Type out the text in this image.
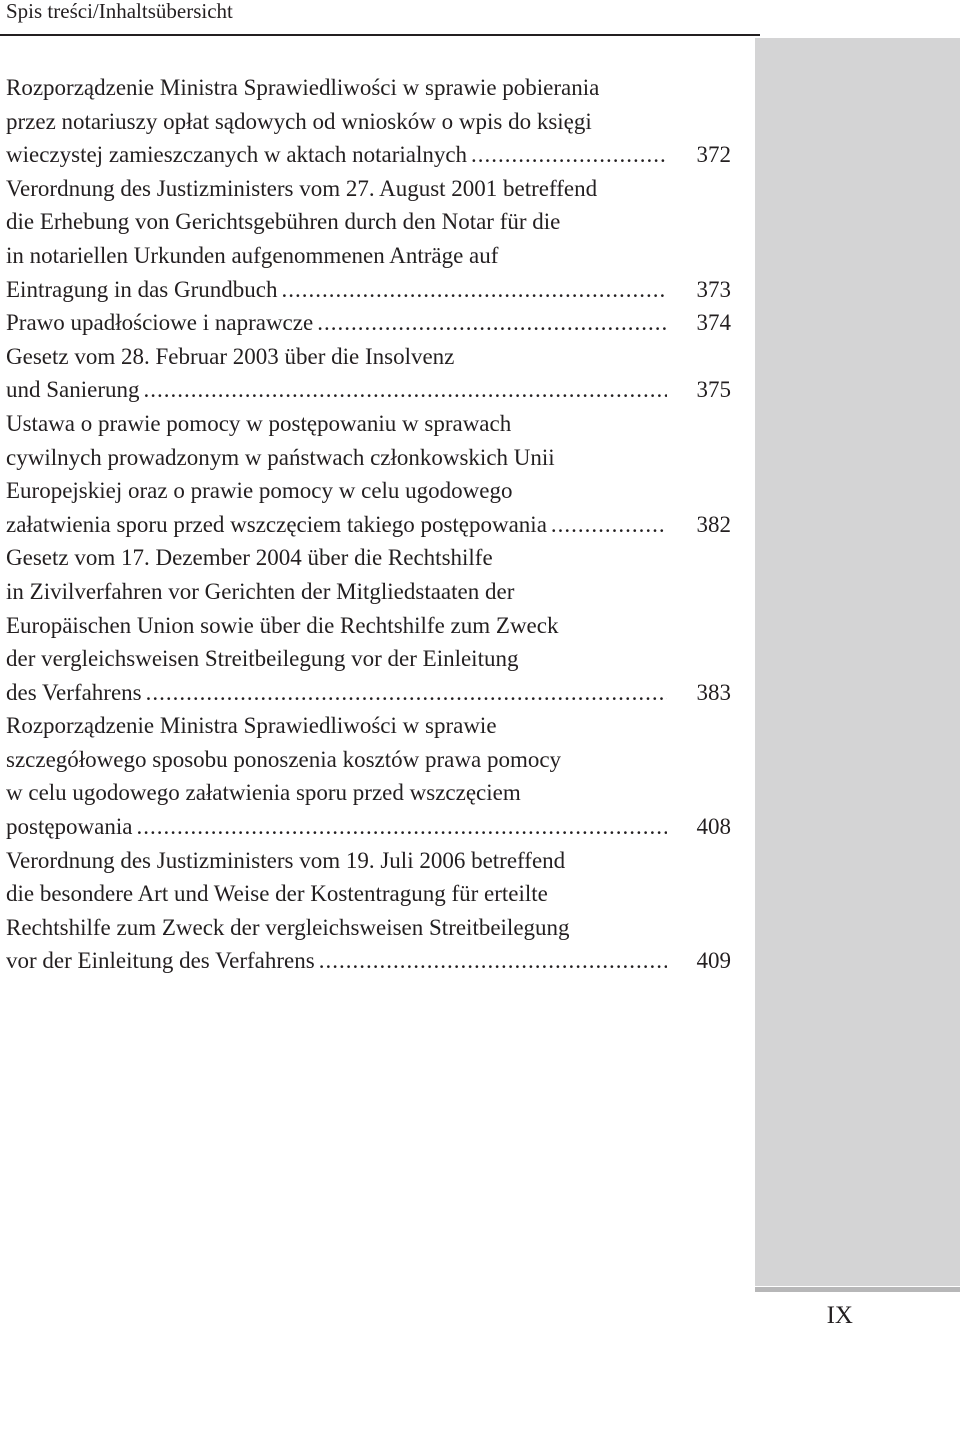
Spis treści/Inhaltsübersicht
IX
Rozporządzenie Ministra Sprawiedliwości w sprawie pobierania
przez notariuszy opłat sądowych od wniosków o wpis do księgi
wieczystej zamieszczanych w aktach notarialnych .....	372
Verordnung des Justizministers vom 27. August 2001 betreffend
die Erhebung von Gerichtsgebühren durch den Notar für die
in notariellen Urkunden aufgenommenen Anträge auf
Eintragung in das Grundbuch .....	373
Prawo upadłościowe i naprawcze .....	374
Gesetz vom 28. Februar 2003 über die Insolvenz
und Sanierung .....	375
Ustawa o prawie pomocy w postępowaniu w sprawach
cywilnych prowadzonym w państwach członkowskich Unii
Europejskiej oraz o prawie pomocy w celu ugodowego
załatwienia sporu przed wszczęciem takiego postępowania .....	382
Gesetz vom 17. Dezember 2004 über die Rechtshilfe
in Zivilverfahren vor Gerichten der Mitgliedstaaten der
Europäischen Union sowie über die Rechtshilfe zum Zweck
der vergleichsweisen Streitbeilegung vor der Einleitung
des Verfahrens .....	383
Rozporządzenie Ministra Sprawiedliwości w sprawie
szczegółowego sposobu ponoszenia kosztów prawa pomocy
w celu ugodowego załatwienia sporu przed wszczęciem
postępowania .....	408
Verordnung des Justizministers vom 19. Juli 2006 betreffend
die besondere Art und Weise der Kostentragung für erteilte
Rechtshilfe zum Zweck der vergleichsweisen Streitbeilegung
vor der Einleitung des Verfahrens .....	409
